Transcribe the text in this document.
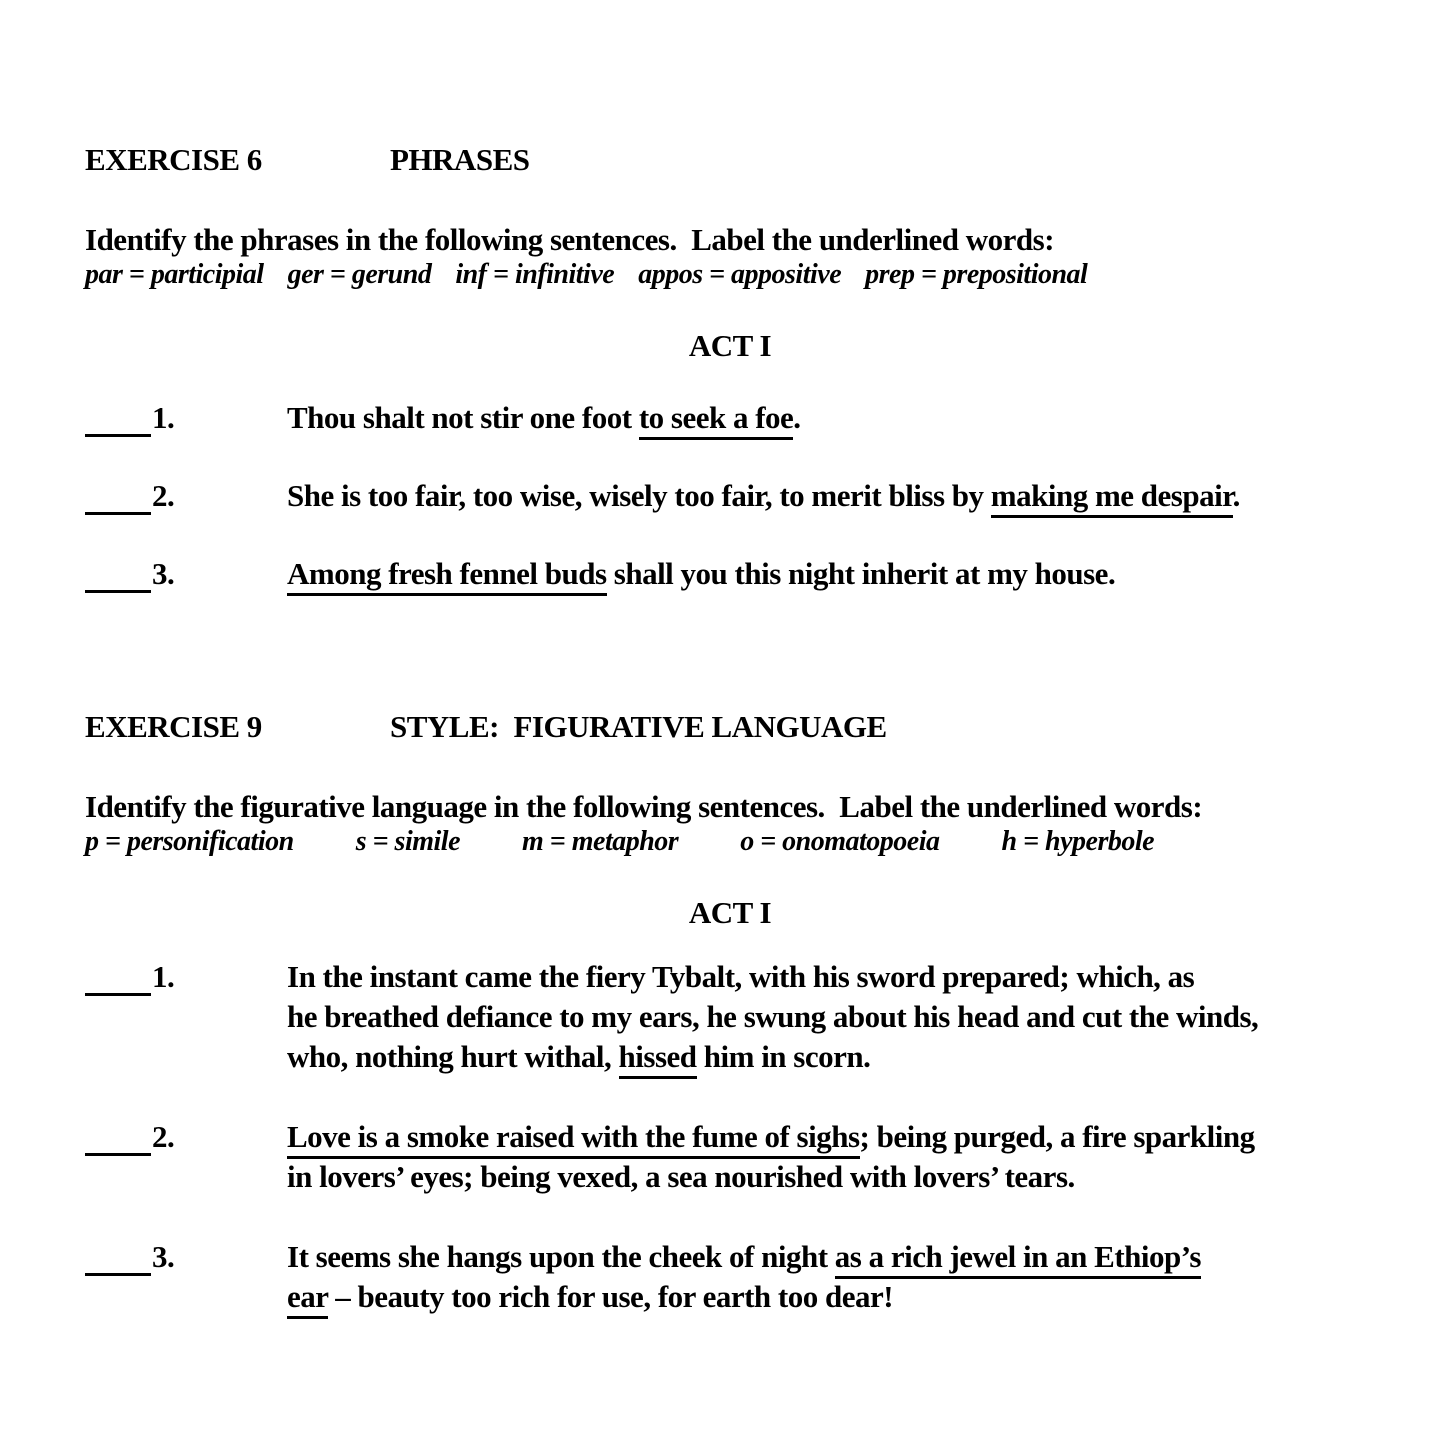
EXERCISE 6	PHRASES
Identify the phrases in the following sentences.  Label the underlined words:
par = participial ger = gerund inf = infinitive appos = appositive prep = prepositional
ACT I
1.	Thou shalt not stir one foot to seek a foe.
2.	She is too fair, too wise, wisely too fair, to merit bliss by making me despair.
3.	Among fresh fennel buds shall you this night inherit at my house.
EXERCISE 9	STYLE:  FIGURATIVE LANGUAGE
Identify the figurative language in the following sentences.  Label the underlined words:
p = personification s = simile m = metaphor o = onomatopoeia h = hyperbole
ACT I
1.	In the instant came the fiery Tybalt, with his sword prepared; which, as
he breathed defiance to my ears, he swung about his head and cut the winds,
who, nothing hurt withal, hissed him in scorn.
2.	Love is a smoke raised with the fume of sighs; being purged, a fire sparkling
in lovers’ eyes; being vexed, a sea nourished with lovers’ tears.
3.	It seems she hangs upon the cheek of night as a rich jewel in an Ethiop’s
ear – beauty too rich for use, for earth too dear!
